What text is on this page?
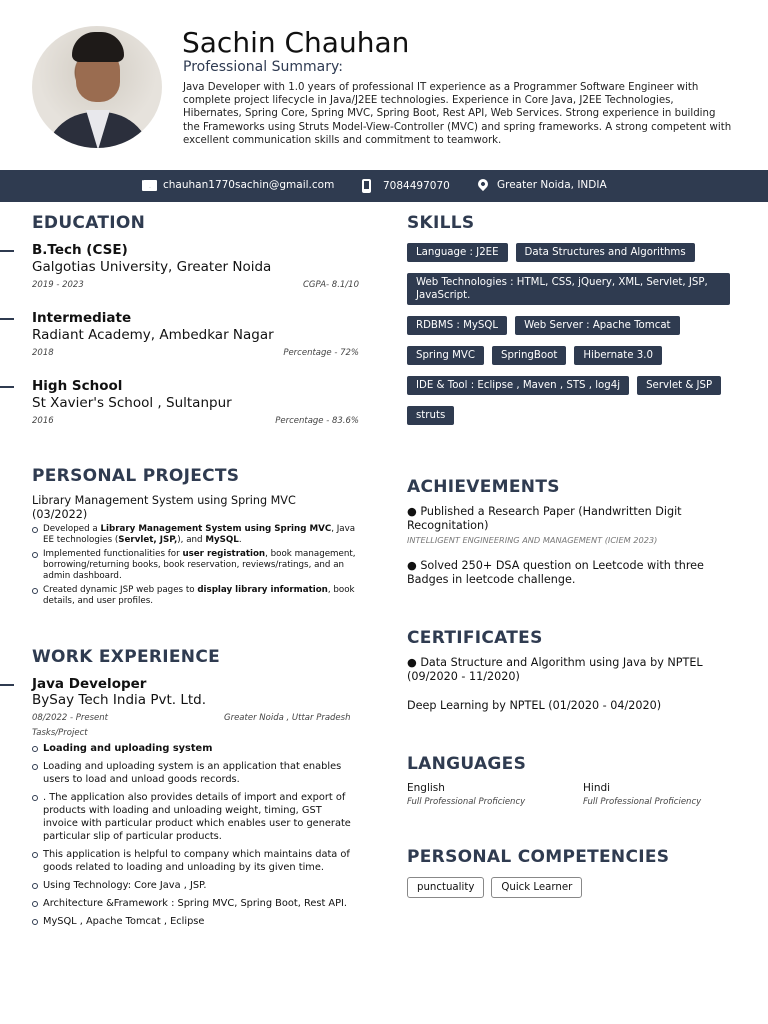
Sachin Chauhan
Professional Summary:
Java Developer with 1.0 years of professional IT experience as a Programmer Software Engineer with complete project lifecycle in Java/J2EE technologies. Experience in Core Java, J2EE Technologies, Hibernates, Spring Core, Spring MVC, Spring Boot, Rest API, Web Services. Strong experience in building the Frameworks using Struts Model-View-Controller (MVC) and spring frameworks. A strong competent with excellent communication skills and commitment to teamwork.
chauhan1770sachin@gmail.com	7084497070	Greater Noida, INDIA
EDUCATION
B.Tech (CSE)
Galgotias University, Greater Noida
2019 - 2023	CGPA- 8.1/10
Intermediate
Radiant Academy, Ambedkar Nagar
2018	Percentage - 72%
High School
St Xavier's School , Sultanpur
2016	Percentage - 83.6%
PERSONAL PROJECTS
Library Management System using Spring MVC (03/2022)
Developed a Library Management System using Spring MVC, Java EE technologies (Servlet, JSP,), and MySQL.
Implemented functionalities for user registration, book management, borrowing/returning books, book reservation, reviews/ratings, and an admin dashboard.
Created dynamic JSP web pages to display library information, book details, and user profiles.
WORK EXPERIENCE
Java Developer
BySay Tech India Pvt. Ltd.
08/2022 - Present	Greater Noida , Uttar Pradesh
Tasks/Project
Loading and uploading system
Loading and uploading system is an application that enables users to load and unload goods records.
. The application also provides details of import and export of products with loading and unloading weight, timing, GST invoice with particular product which enables user to generate particular slip of particular products.
This application is helpful to company which maintains data of goods related to loading and unloading by its given time.
Using Technology: Core Java , JSP.
Architecture &Framework : Spring MVC, Spring Boot, Rest API.
MySQL , Apache Tomcat , Eclipse
SKILLS
Language : J2EE	Data Structures and Algorithms
Web Technologies : HTML, CSS, jQuery, XML, Servlet, JSP, JavaScript.
RDBMS : MySQL	Web Server : Apache Tomcat
Spring MVC	SpringBoot	Hibernate 3.0
IDE & Tool : Eclipse , Maven , STS , log4j	Servlet & JSP
struts
ACHIEVEMENTS
● Published a Research Paper (Handwritten Digit Recognitation)
INTELLIGENT ENGINEERING AND MANAGEMENT (ICIEM 2023)
● Solved 250+ DSA question on Leetcode with three Badges in leetcode challenge.
CERTIFICATES
● Data Structure and Algorithm using Java by NPTEL (09/2020 - 11/2020)
Deep Learning by NPTEL (01/2020 - 04/2020)
LANGUAGES
English
Full Professional Proficiency
Hindi
Full Professional Proficiency
PERSONAL COMPETENCIES
punctuality	Quick Learner
